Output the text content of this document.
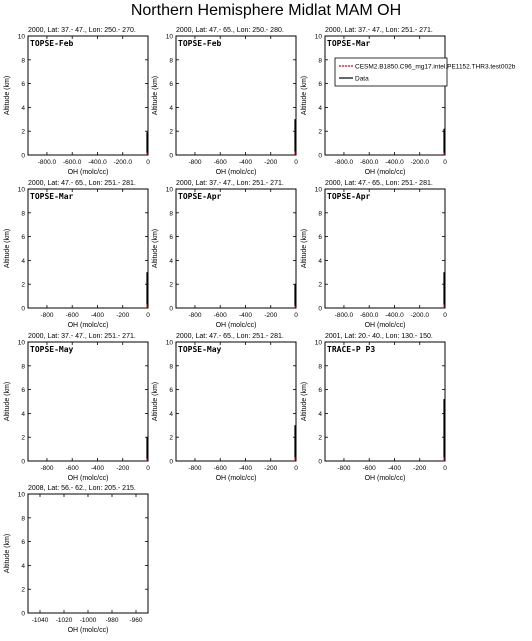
Northern Hemisphere Midlat MAM OH
2000, Lat: 37.- 47., Lon: 250.- 270.
0
2
4
6
8
10
-800.0 -600.0 -400.0 -200.0 0
OH (molc/cc)
Altitude (km)
TOPSE-Feb
2000, Lat: 47.- 65., Lon: 250.- 280.
0
2
4
6
8
10
-800 -600 -400 -200	0
OH (molc/cc)
Altitude (km)
TOPSE-Feb
2000, Lat: 37.- 47., Lon: 251.- 271.
0
2
4
6
8
10
-800.0 -600.0 -400.0 -200.0 0
OH (molc/cc)
Altitude (km)
TOPSE-Mar
CESM2.B1850.C96_mg17.intel.PE1152.THR3.test002b
Data
2000, Lat: 47.- 65., Lon: 251.- 281.
0
2
4
6
8
10
-800 -600 -400 -200	0
OH (molc/cc)
Altitude (km)
TOPSE-Mar
2000, Lat: 37.- 47., Lon: 251.- 271.
0
2
4
6
8
10
-800 -600 -400 -200	0
OH (molc/cc)
Altitude (km)
TOPSE-Apr
2000, Lat: 47.- 65., Lon: 251.- 281.
0
2
4
6
8
10
-800.0 -600.0 -400.0 -200.0 0
OH (molc/cc)
Altitude (km)
TOPSE-Apr
2000, Lat: 37.- 47., Lon: 251.- 271.
0
2
4
6
8
10
-800 -600 -400 -200	0
OH (molc/cc)
Altitude (km)
TOPSE-May
2000, Lat: 47.- 65., Lon: 251.- 281.
0
2
4
6
8
10
-800 -600 -400 -200	0
OH (molc/cc)
Altitude (km)
TOPSE-May
2001, Lat: 20.- 40., Lon: 130.- 150.
0
2
4
6
8
10
-800 -600 -400 -200	0
OH (molc/cc)
Altitude (km)
TRACE-P P3
2008, Lat: 56.- 62., Lon: 205.- 215.
0
2
4
6
8
10
-1040 -1020 -1000 -980 -960
OH (molc/cc)
Altitude (km)
